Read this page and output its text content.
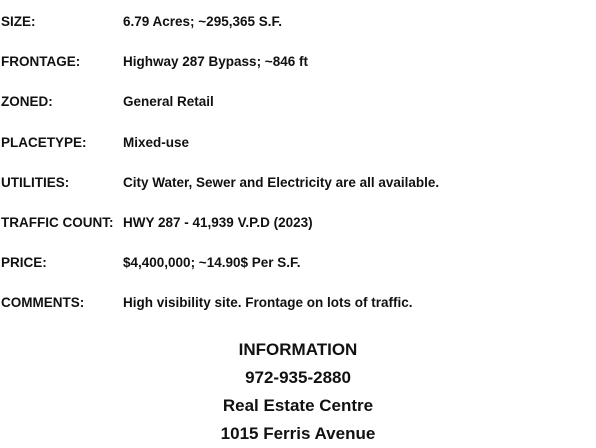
SIZE:	6.79 Acres; ~295,365 S.F.
FRONTAGE:	Highway 287 Bypass; ~846 ft
ZONED:	General Retail
PLACETYPE:	Mixed-use
UTILITIES:	City Water, Sewer and Electricity are all available.
TRAFFIC COUNT: HWY 287 - 41,939 V.P.D (2023)
PRICE:	$4,400,000; ~14.90$ Per S.F.
COMMENTS:	High visibility site. Frontage on lots of traffic.
INFORMATION
972-935-2880
Real Estate Centre
1015 Ferris Avenue
